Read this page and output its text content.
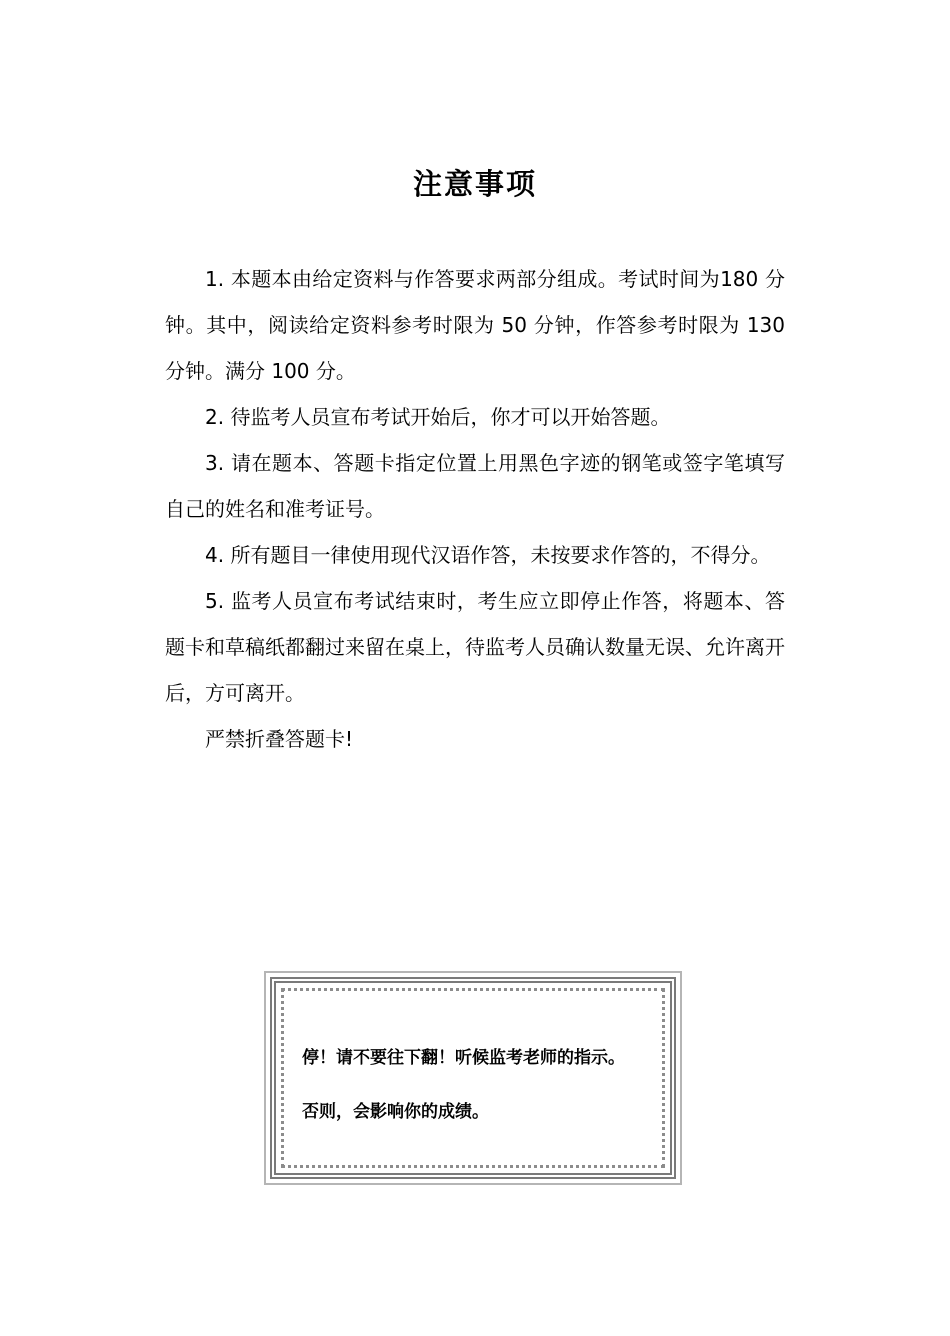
注意事项

1. 本题本由给定资料与作答要求两部分组成。考试时间为180 分钟。其中，阅读给定资料参考时限为 50 分钟，作答参考时限为 130 分钟。满分 100 分。

2. 待监考人员宣布考试开始后，你才可以开始答题。

3. 请在题本、答题卡指定位置上用黑色字迹的钢笔或签字笔填写自己的姓名和准考证号。

4. 所有题目一律使用现代汉语作答，未按要求作答的，不得分。

5. 监考人员宣布考试结束时，考生应立即停止作答，将题本、答题卡和草稿纸都翻过来留在桌上，待监考人员确认数量无误、允许离开后，方可离开。

严禁折叠答题卡!

停！请不要往下翻！听候监考老师的指示。
否则，会影响你的成绩。
